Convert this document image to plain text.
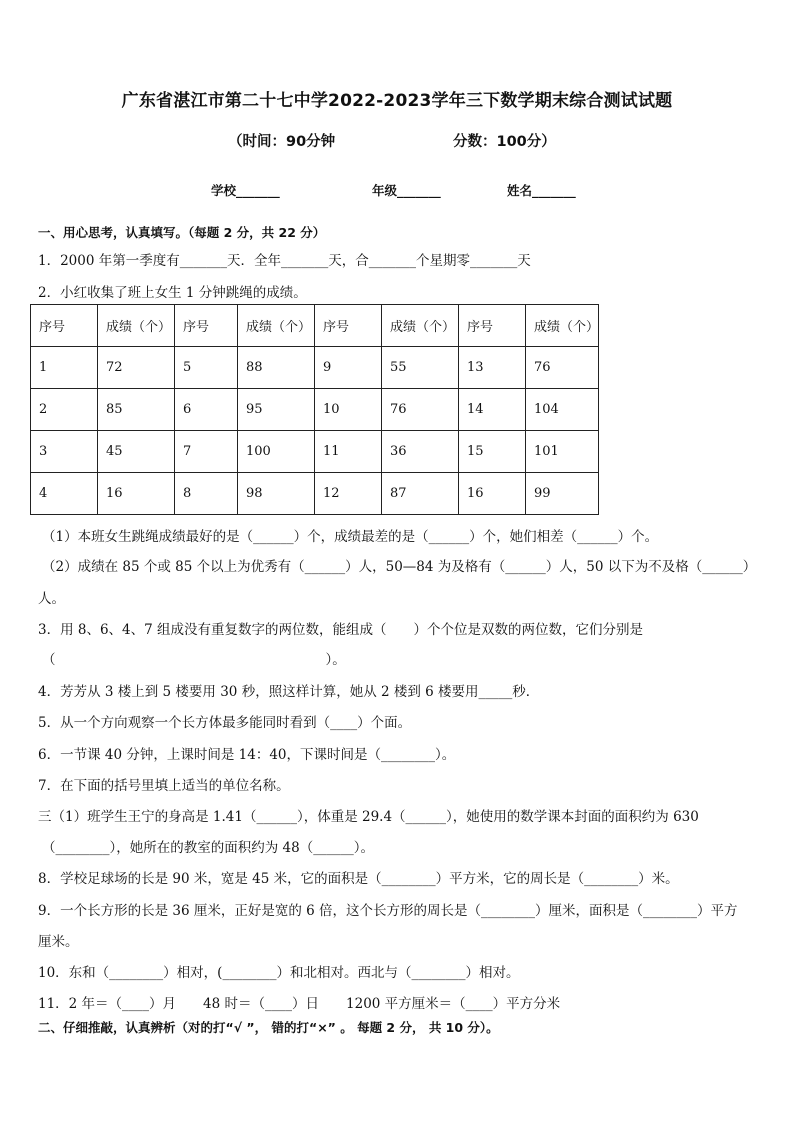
广东省湛江市第二十七中学2022-2023学年三下数学期末综合测试试题
（时间：90分钟	分数：100分）
学校_______	年级_______	姓名_______
一、用心思考，认真填写。（每题 2 分，共 22 分）
1．2000 年第一季度有_______天．全年_______天，合_______个星期零_______天
2．小红收集了班上女生 1 分钟跳绳的成绩。
序号	成绩（个）	序号	成绩（个）	序号	成绩（个）	序号	成绩（个）
1	72	5	88	9	55	13	76
2	85	6	95	10	76	14	104
3	45	7	100	11	36	15	101
4	16	8	98	12	87	16	99
（1）本班女生跳绳成绩最好的是（______）个，成绩最差的是（______）个，她们相差（______）个。
（2）成绩在 85 个或 85 个以上为优秀有（______）人，50—84 为及格有（______）人，50 以下为不及格（______）
人。
3．用 8、6、4、7 组成没有重复数字的两位数，能组成（　　）个个位是双数的两位数，它们分别是
（　　　　　　　　　　　　　　　　　　　　）。
4．芳芳从 3 楼上到 5 楼要用 30 秒，照这样计算，她从 2 楼到 6 楼要用_____秒．
5．从一个方向观察一个长方体最多能同时看到（____）个面。
6．一节课 40 分钟，上课时间是 14：40，下课时间是（________）。
7．在下面的括号里填上适当的单位名称。
三（1）班学生王宁的身高是 1.41（______），体重是 29.4（______），她使用的数学课本封面的面积约为 630
（________），她所在的教室的面积约为 48（______）。
8．学校足球场的长是 90 米，宽是 45 米，它的面积是（________）平方米，它的周长是（________）米。
9．一个长方形的长是 36 厘米，正好是宽的 6 倍，这个长方形的周长是（________）厘米，面积是（________）平方
厘米。
10．东和（________）相对，(________）和北相对。西北与（________）相对。
11．2 年＝（____）月　　48 时＝（____）日　　1200 平方厘米＝（____）平方分米
二、仔细推敲，认真辨析（对的打“√ ”， 错的打“×” 。 每题 2 分， 共 10 分）。
